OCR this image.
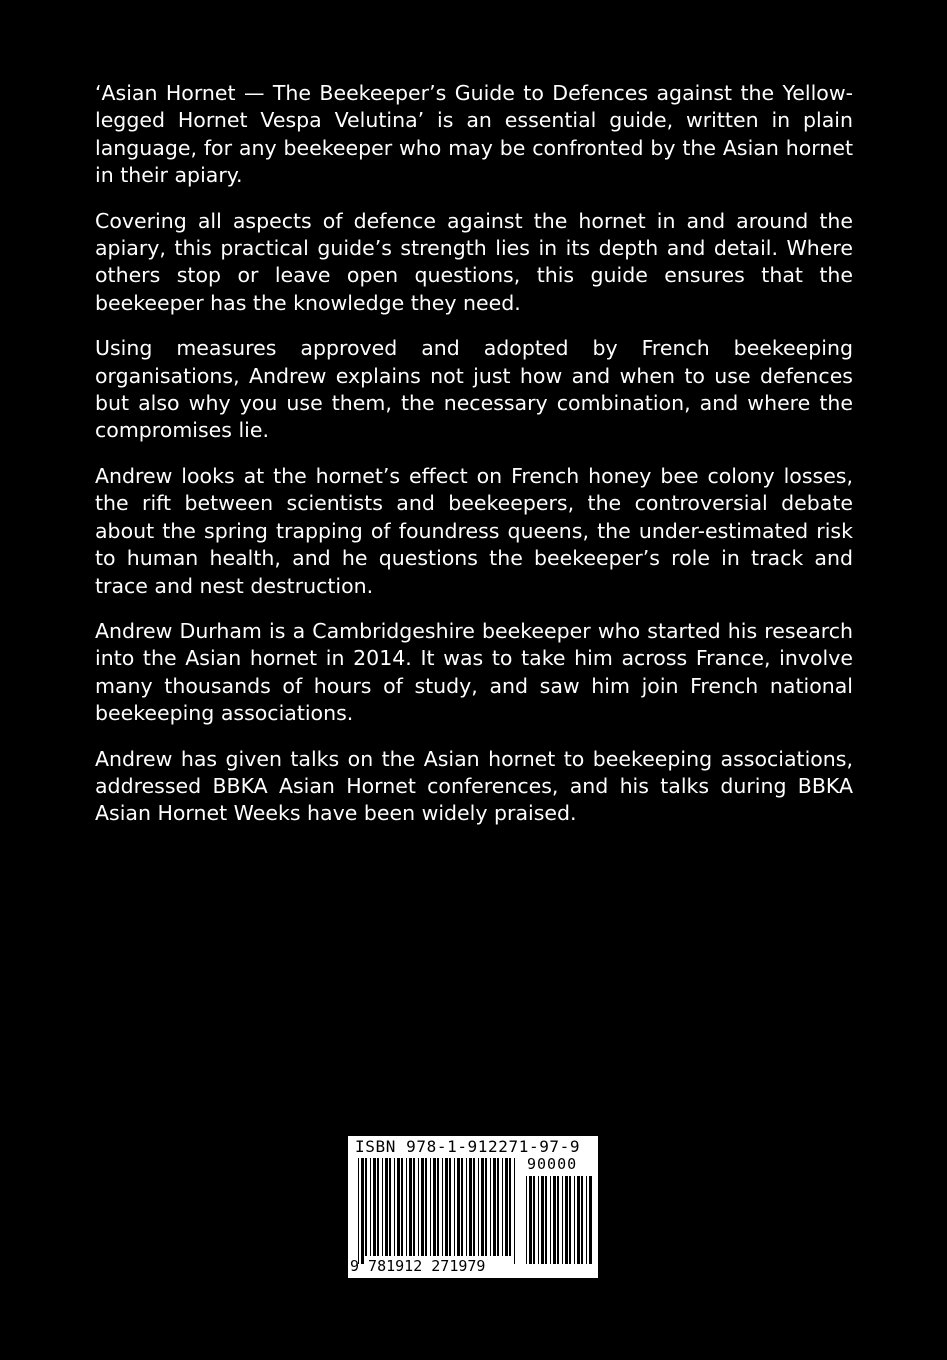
‘Asian Hornet — The Beekeeper’s Guide to Defences against the Yellow-legged Hornet Vespa Velutina’ is an essential guide, written in plain language, for any beekeeper who may be confronted by the Asian hornet in their apiary.

Covering all aspects of defence against the hornet in and around the apiary, this practical guide’s strength lies in its depth and detail. Where others stop or leave open questions, this guide ensures that the beekeeper has the knowledge they need.

Using measures approved and adopted by French beekeeping organisations, Andrew explains not just how and when to use defences but also why you use them, the necessary combination, and where the compromises lie.

Andrew looks at the hornet’s effect on French honey bee colony losses, the rift between scientists and beekeepers, the controversial debate about the spring trapping of foundress queens, the under-estimated risk to human health, and he questions the beekeeper’s role in track and trace and nest destruction.

Andrew Durham is a Cambridgeshire beekeeper who started his research into the Asian hornet in 2014. It was to take him across France, involve many thousands of hours of study, and saw him join French national beekeeping associations.

Andrew has given talks on the Asian hornet to beekeeping associations, addressed BBKA Asian Hornet conferences, and his talks during BBKA Asian Hornet Weeks have been widely praised.

ISBN 978-1-912271-97-9
90000
9 781912 271979
